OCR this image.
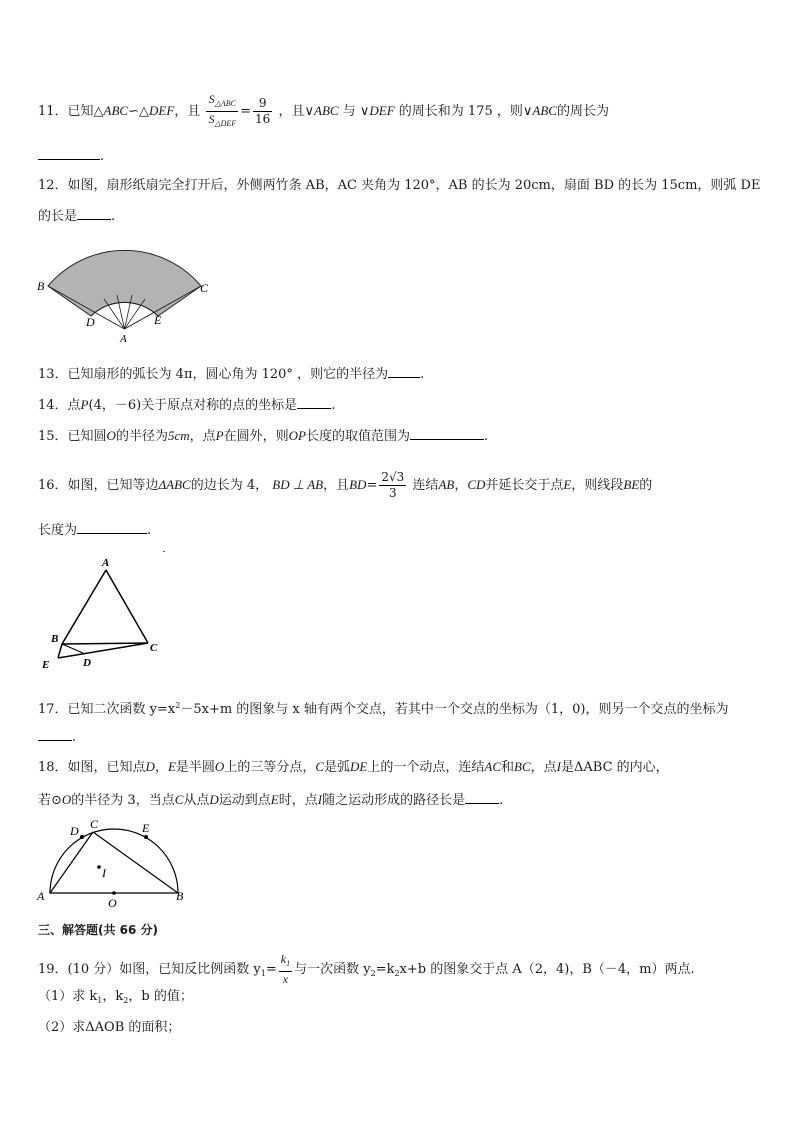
11．已知△ABC∽△DEF，且 $\frac{S_{\triangle ABC}}{S_{\triangle DEF}} = \frac{9}{16}$ ，且∨ABC 与 ∨DEF 的周长和为 175 ，则∨ABC的周长为
.
12．如图，扇形纸扇完全打开后，外侧两竹条 AB，AC 夹角为 120°，AB 的长为 20cm，扇面 BD 的长为 15cm，则弧 DE
的长是	.
B	C
D	E
A
13．已知扇形的弧长为 4π，圆心角为 120° ，则它的半径为 .
14．点P(4，－6)关于原点对称的点的坐标是	.
15．已知圆O的半径为5cm，点P在圆外，则OP长度的取值范围为	.
16．如图，已知等边ΔABC的边长为 4， BD ⊥ AB，且$BD= \frac{2√3}{3}$ 连结AB，CD并延长交于点E，则线段BE的
长度为	.
A
B
C
D
E
17．已知二次函数 $y=x^2-5x+m$ 的图象与 x 轴有两个交点，若其中一个交点的坐标为（1，0)，则另一个交点的坐标为
.
18．如图，已知点D，E是半圆O上的三等分点，C是弧DE上的一个动点，连结AC和BC，点I是ΔABC 的内心，
若⊙O的半径为 3，当点C从点D运动到点E时，点I随之运动形成的路径长是	.
D C	E
I
A	O	B
三、解答题(共 66 分)
19．(10 分）如图，已知反比例函数 $y_1= \frac{k_1}{x}$ 与一次函数 $y_2=k_2x+b$ 的图象交于点 A（2，4)，B（－4，m）两点.
（1）求 $k_1$，$k_2$，b 的值；
（2）求ΔAOB 的面积；
